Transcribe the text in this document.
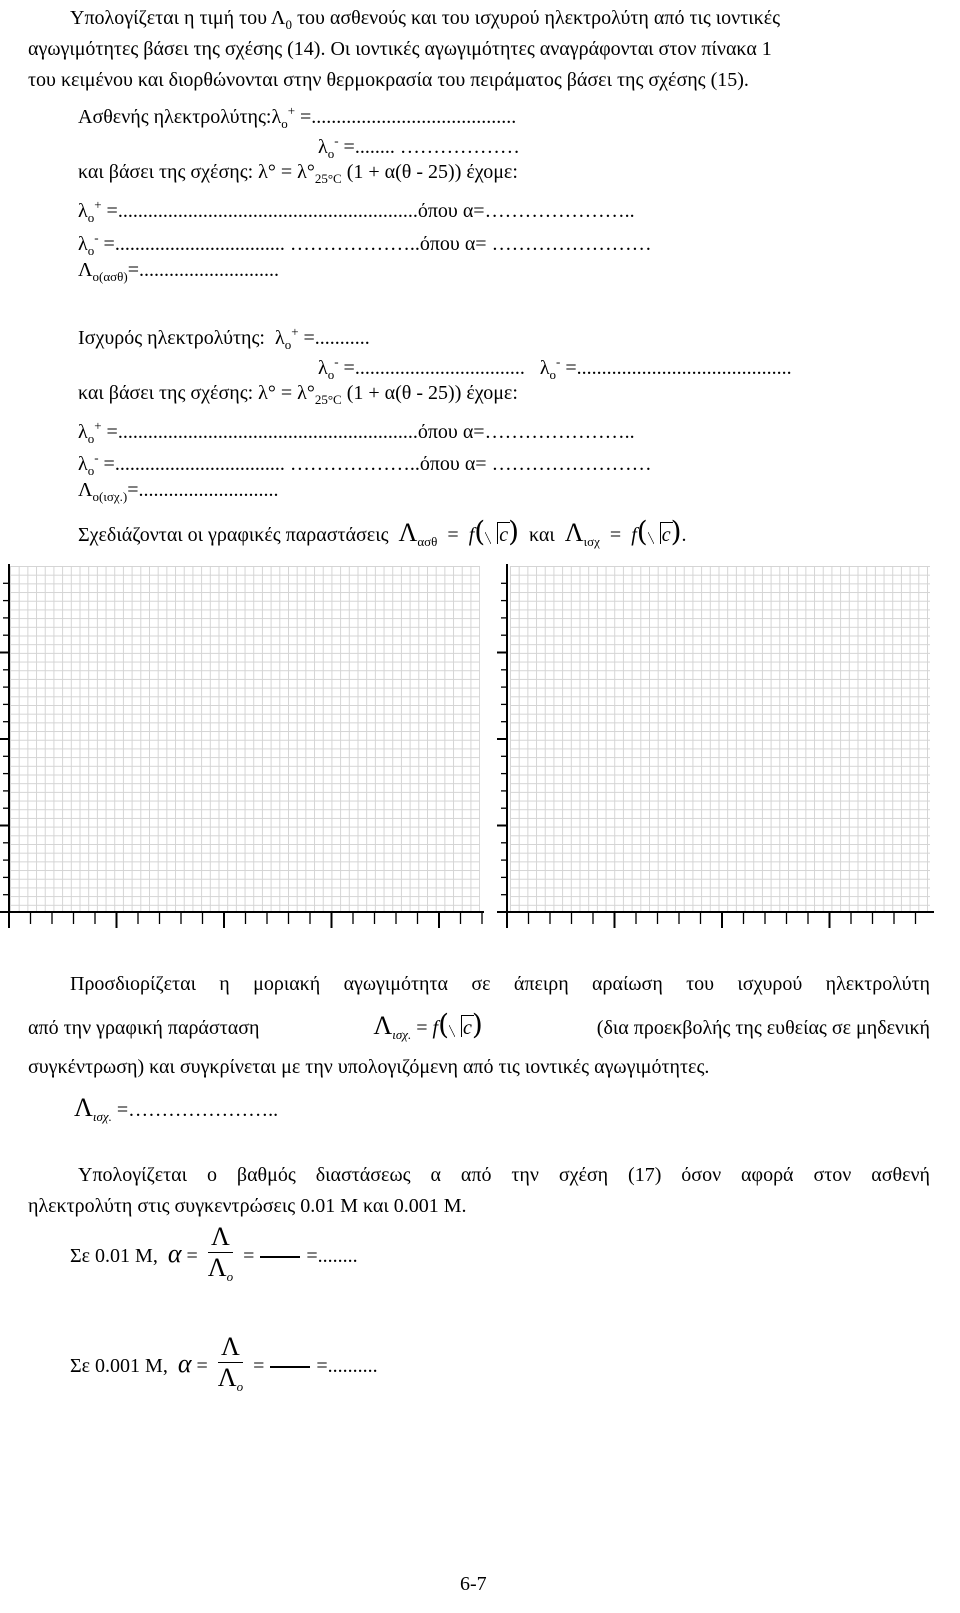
Υπολογίζεται η τιμή του $\Lambda_0$ του ασθενούς και του ισχυρού ηλεκτρολύτη από τις ιοντικές
αγωγιμότητες βάσει της σχέσης (14). Οι ιοντικές αγωγιμότητες αναγράφονται στον πίνακα 1
του κειμένου και διορθώνονται στην θερμοκρασία του πειράματος βάσει της σχέσης (15).
Ασθενής $\eta\lambda\varepsilon\kappa\tau\rho o\lambda ύ\tau\eta\varsigma:\lambda_o^+$ =.........................................
$\lambda_o^-$ =........ ………………
και βάσει της σχέσης: $\lambda^\circ = \lambda^\circ_{25^\circ C}$ (1 + α(θ - 25)) έχομε:
$\lambda_o^+ =............................................................ό\pi o\upsilon$ α=…………………..
$\lambda_o^-$ =.................................. ………………..όπου α= ……………………
$\Lambda_{o(\alpha\sigma\theta)}=$............................
Ισχυρός ηλεκτρολύτης: $\lambda_o^+$ =...........
$\lambda_o^-$ =.................................. $\lambda_o^-$ =...........................................
και βάσει της σχέσης: $\lambda^\circ = \lambda^\circ_{25^\circ C}$ (1 + α(θ - 25)) έχομε:
$\lambda_o^+ =............................................................ό\pi o\upsilon$ α=…………………..
$\lambda_o^-$ =.................................. ………………..όπου α= ……………………
$\Lambda_{o(\iota\sigma\chi.)}=$............................
Σχεδιάζονται οι γραφικές παραστάσεις $\Lambda_{\alpha\sigma\theta} = f$( c) και $\Lambda_{\iota\sigma\chi} = f$( c).
Προσδιορίζεται η μοριακή αγωγιμότητα σε άπειρη αραίωση του ισχυρού ηλεκτρολύτη
από την γραφική παράσταση	$\Lambda_{\iota\sigma\chi.} = f$( c)	(δια προεκβολής της ευθείας σε μηδενική
συγκέντρωση) και συγκρίνεται με την υπολογιζόμενη από τις ιοντικές αγωγιμότητες.
$\Lambda_{\iota\sigma\chi.}$ =…………………..
Υπολογίζεται ο βαθμός διαστάσεως α από την σχέση (17) όσον αφορά στον ασθενή
ηλεκτρολύτη στις συγκεντρώσεις 0.01 M και 0.001 M.
Σε 0.01 M, $\alpha = \frac{\Lambda}{\Lambda_o}$ =	=........
Σε 0.001 M, $\alpha = \frac{\Lambda}{\Lambda_o}$ =	=..........
6-7
